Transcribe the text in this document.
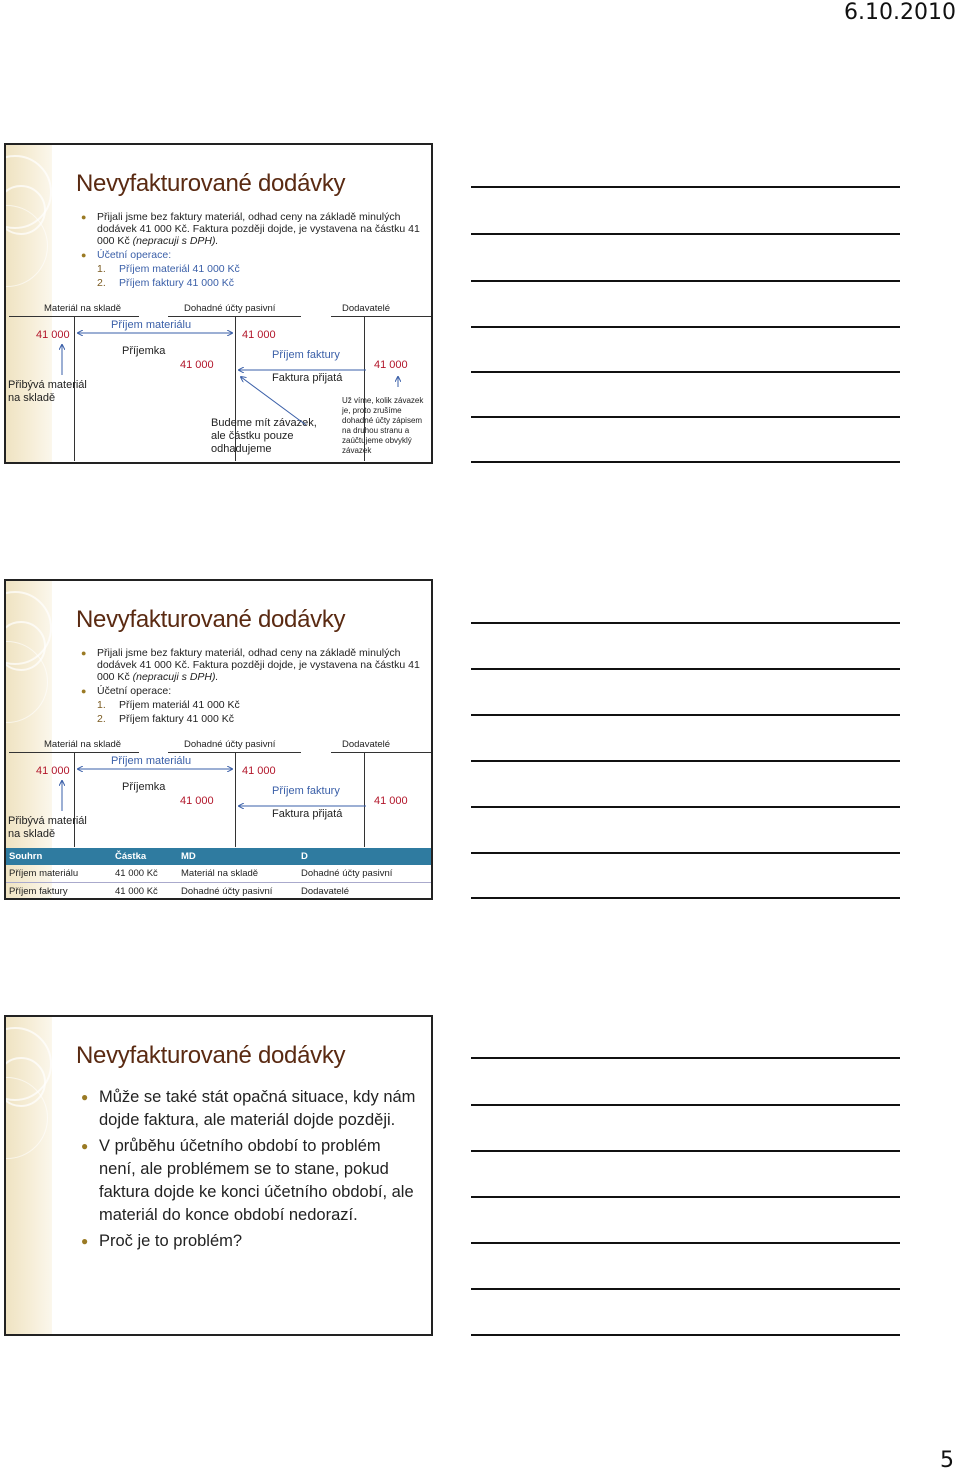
6.10.2010
Nevyfakturované dodávky
● Přijali jsme bez faktury materiál, odhad ceny na základě minulých dodávek 41 000 Kč. Faktura později dojde, je vystavena na částku 41 000 Kč (nepracuji s DPH).
● Účetní operace:
1. Příjem materiál 41 000 Kč
2. Příjem faktury 41 000 Kč
Materiál na skladě	Dohadné účty pasivní	Dodavatelé
41 000	41 000
41 000	41 000
Příjem materiálu
Příjemka	Příjem faktury
Faktura přijatá
Přibývá materiál na skladě
Budeme mít závazek, ale částku pouze odhadujeme
Už víme, kolik závazek je, proto zrušíme dohadné účty zápisem na druhou stranu a zaúčtujeme obvyklý závazek
Nevyfakturované dodávky
● Přijali jsme bez faktury materiál, odhad ceny na základě minulých dodávek 41 000 Kč. Faktura později dojde, je vystavena na částku 41 000 Kč (nepracuji s DPH).
● Účetní operace:
1. Příjem materiál 41 000 Kč
2. Příjem faktury 41 000 Kč
Materiál na skladě	Dohadné účty pasivní	Dodavatelé
41 000	41 000
41 000	41 000
Příjem materiálu
Příjemka	Příjem faktury
Faktura přijatá
Přibývá materiál na skladě
Souhrn	Částka	MD	D
Příjem materiálu	41 000 Kč	Materiál na skladě	Dohadné účty pasivní
Příjem faktury	41 000 Kč	Dohadné účty pasivní	Dodavatelé
Nevyfakturované dodávky
● Může se také stát opačná situace, kdy nám dojde faktura, ale materiál dojde později.
● V průběhu účetního období to problém není, ale problémem se to stane, pokud faktura dojde ke konci účetního období, ale materiál do konce období nedorazí.
● Proč je to problém?
5
